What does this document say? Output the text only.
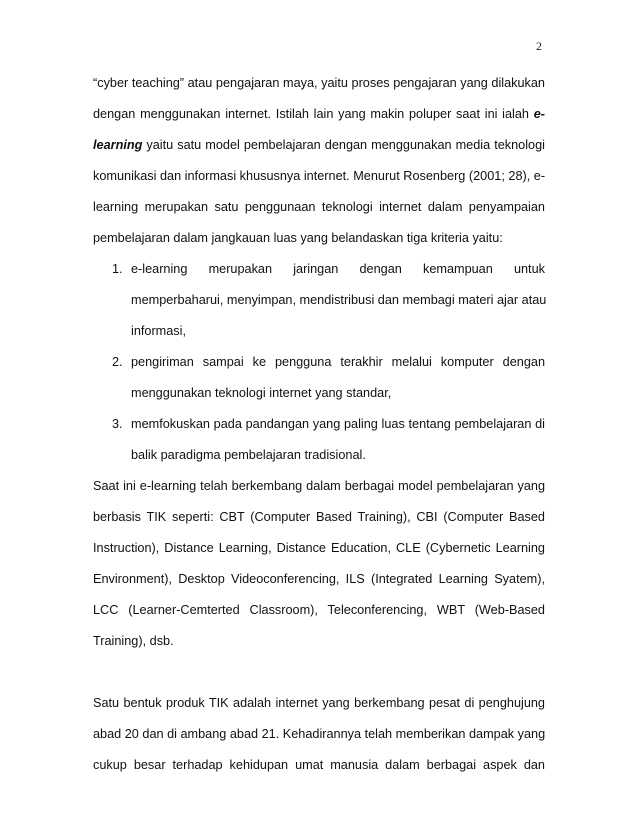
2
“cyber teaching” atau pengajaran maya, yaitu proses pengajaran yang dilakukan
dengan menggunakan internet. Istilah lain yang makin poluper saat ini ialah e-
learning yaitu satu model pembelajaran dengan menggunakan media teknologi
komunikasi dan informasi khususnya internet. Menurut Rosenberg (2001; 28), e-
learning merupakan satu penggunaan teknologi internet dalam penyampaian
pembelajaran dalam jangkauan luas yang belandaskan tiga kriteria yaitu:
1. e-learning merupakan jaringan dengan kemampuan untuk
memperbaharui, menyimpan, mendistribusi dan membagi materi ajar atau
informasi,
2. pengiriman sampai ke pengguna terakhir melalui komputer dengan
menggunakan teknologi internet yang standar,
3. memfokuskan pada pandangan yang paling luas tentang pembelajaran di
balik paradigma pembelajaran tradisional.
Saat ini e-learning telah berkembang dalam berbagai model pembelajaran yang
berbasis TIK seperti: CBT (Computer Based Training), CBI (Computer Based
Instruction), Distance Learning, Distance Education, CLE (Cybernetic Learning
Environment), Desktop Videoconferencing, ILS (Integrated Learning Syatem),
LCC (Learner-Cemterted Classroom), Teleconferencing, WBT (Web-Based
Training), dsb.
Satu bentuk produk TIK adalah internet yang berkembang pesat di penghujung
abad 20 dan di ambang abad 21. Kehadirannya telah memberikan dampak yang
cukup besar terhadap kehidupan umat manusia dalam berbagai aspek dan
